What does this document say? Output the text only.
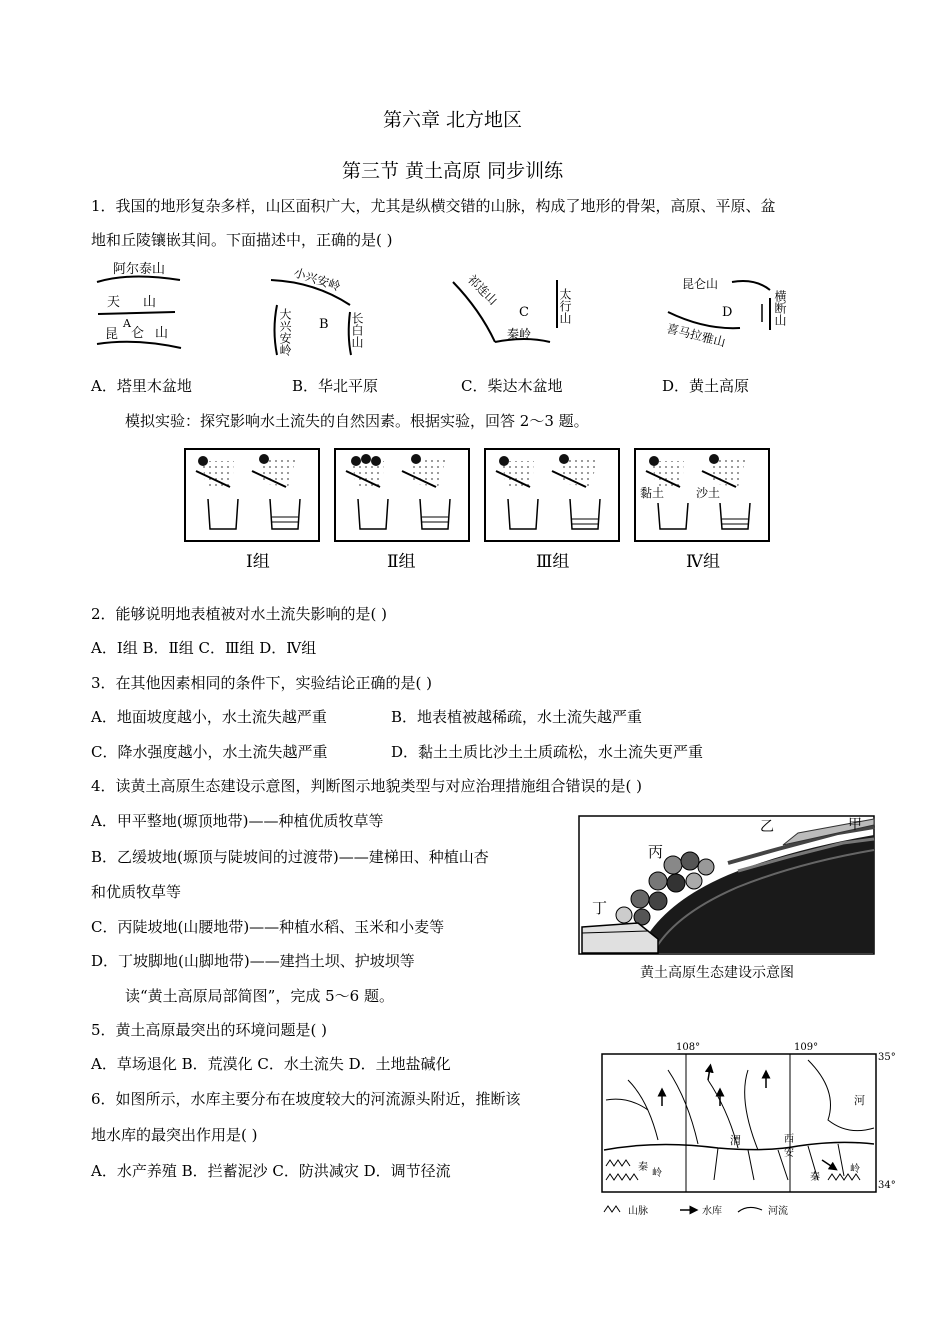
第六章 北方地区
第三节 黄土高原 同步训练
1．我国的地形复杂多样，山区面积广大，尤其是纵横交错的山脉，构成了地形的骨架，高原、平原、盆
地和丘陵镶嵌其间。下面描述中，正确的是( )
阿尔泰山
天 山
A
昆 仑 山
小兴安岭
大兴安岭 B 长白山
祁连山
C
秦岭
太行山
昆仑山
D	横断山
喜马拉雅山
A．塔里木盆地	B．华北平原	C．柴达木盆地	D．黄土高原
模拟实验：探究影响水土流失的自然因素。根据实验，回答 2～3 题。
黏土	沙土
Ⅰ组	Ⅱ组	Ⅲ组	Ⅳ组
2．能够说明地表植被对水土流失影响的是( )
A．Ⅰ组 B．Ⅱ组 C．Ⅲ组 D．Ⅳ组
3．在其他因素相同的条件下，实验结论正确的是( )
A．地面坡度越小，水土流失越严重	B．地表植被越稀疏，水土流失越严重
C．降水强度越小，水土流失越严重	D．黏土土质比沙土土质疏松，水土流失更严重
4．读黄土高原生态建设示意图，判断图示地貌类型与对应治理措施组合错误的是( )
A．甲平整地(塬顶地带)——种植优质牧草等
B．乙缓坡地(塬顶与陡坡间的过渡带)——建梯田、种植山杏
和优质牧草等
C．丙陡坡地(山腰地带)——种植水稻、玉米和小麦等
D．丁坡脚地(山脚地带)——建挡土坝、护坡坝等
甲
乙
丙
丁
黄土高原生态建设示意图
读“黄土高原局部简图”，完成 5～6 题。
5．黄土高原最突出的环境问题是( )
A．草场退化 B．荒漠化 C．水土流失 D．土地盐碱化
6．如图所示，水库主要分布在坡度较大的河流源头附近，推断该
地水库的最突出作用是( )
A．水产养殖 B．拦蓄泥沙 C．防洪减灾 D．调节径流
108°	109°
35°
34°
河
渭	西
安
秦
岭	秦
岭
山脉	水库	河流
